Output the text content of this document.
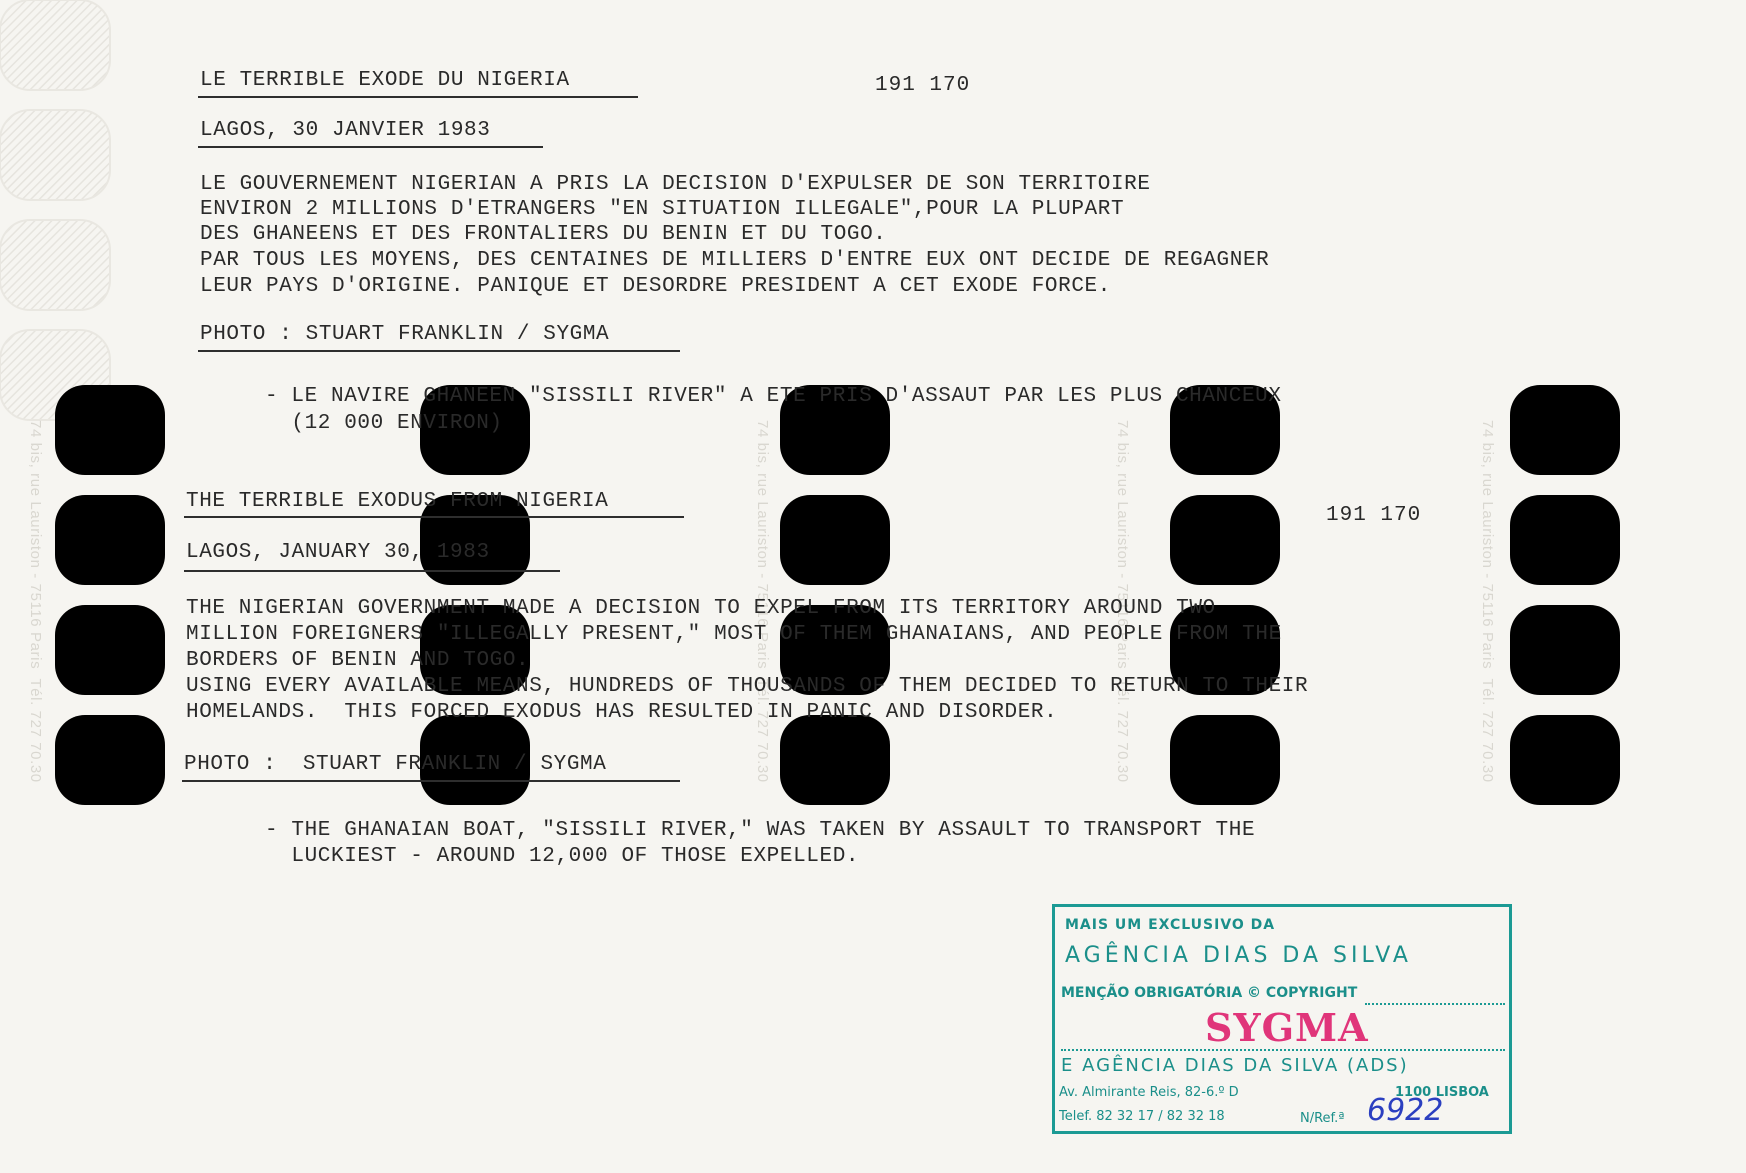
74 bis, rue Lauriston - 75116 Paris  Tél. 727 70.30	74 bis, rue Lauriston - 75116 Paris  Tél. 727 70.30	74 bis, rue Lauriston - 75116 Paris  Tél. 727 70.30	74 bis, rue Lauriston - 75116 Paris  Tél. 727 70.30
LE TERRIBLE EXODE DU NIGERIA	191 170
LAGOS, 30 JANVIER 1983
LE GOUVERNEMENT NIGERIAN A PRIS LA DECISION D'EXPULSER DE SON TERRITOIRE
ENVIRON 2 MILLIONS D'ETRANGERS "EN SITUATION ILLEGALE",POUR LA PLUPART
DES GHANEENS ET DES FRONTALIERS DU BENIN ET DU TOGO.
PAR TOUS LES MOYENS, DES CENTAINES DE MILLIERS D'ENTRE EUX ONT DECIDE DE REGAGNER
LEUR PAYS D'ORIGINE. PANIQUE ET DESORDRE PRESIDENT A CET EXODE FORCE.
PHOTO : STUART FRANKLIN / SYGMA
- LE NAVIRE GHANEEN "SISSILI RIVER" A ETE PRIS D'ASSAUT PAR LES PLUS CHANCEUX
(12 000 ENVIRON)
THE TERRIBLE EXODUS FROM NIGERIA
191 170
LAGOS, JANUARY 30, 1983
THE NIGERIAN GOVERNMENT MADE A DECISION TO EXPEL FROM ITS TERRITORY AROUND TWO
MILLION FOREIGNERS "ILLEGALLY PRESENT," MOST OF THEM GHANAIANS, AND PEOPLE FROM THE
BORDERS OF BENIN AND TOGO.
USING EVERY AVAILABLE MEANS, HUNDREDS OF THOUSANDS OF THEM DECIDED TO RETURN TO THEIR
HOMELANDS.  THIS FORCED EXODUS HAS RESULTED IN PANIC AND DISORDER.
PHOTO :  STUART FRANKLIN / SYGMA
- THE GHANAIAN BOAT, "SISSILI RIVER," WAS TAKEN BY ASSAULT TO TRANSPORT THE
LUCKIEST - AROUND 12,000 OF THOSE EXPELLED.
MAIS UM EXCLUSIVO DA
AGÊNCIA DIAS DA SILVA
MENÇÃO OBRIGATÓRIA © COPYRIGHT
SYGMA
E AGÊNCIA DIAS DA SILVA (ADS)
Av. Almirante Reis, 82-6.º D	1100 LISBOA
Telef. 82 32 17 / 82 32 18	N/Ref.ª 6922
